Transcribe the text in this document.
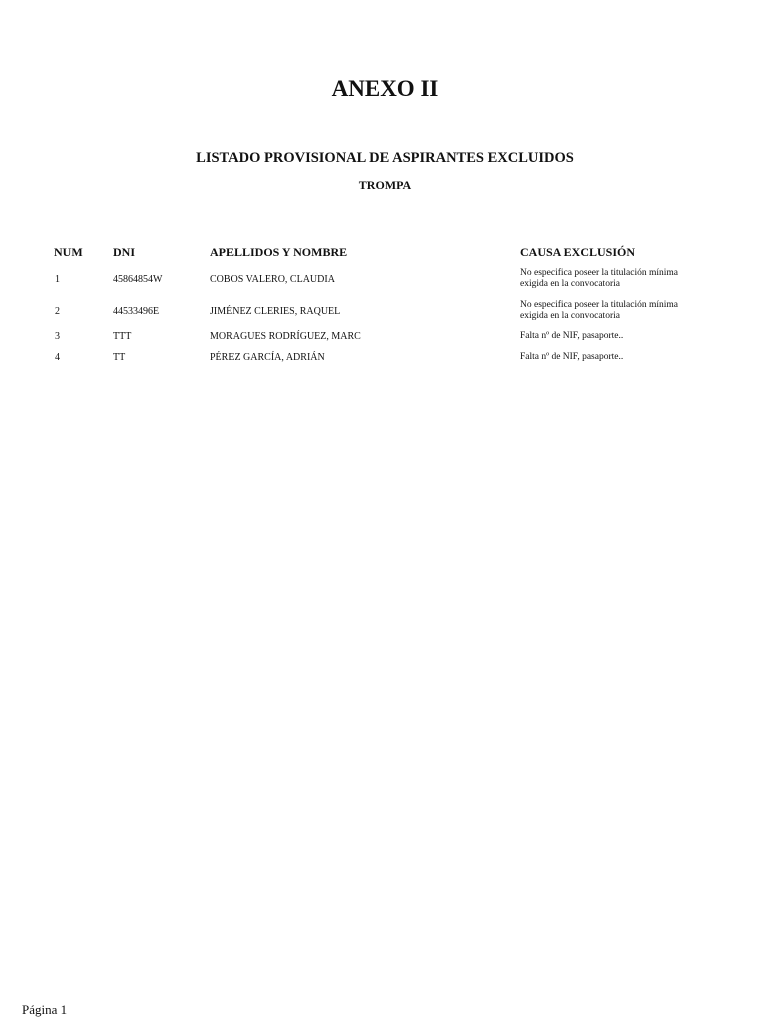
ANEXO II
LISTADO PROVISIONAL DE ASPIRANTES EXCLUIDOS
TROMPA
NUM	DNI	APELLIDOS Y NOMBRE	CAUSA EXCLUSIÓN
1	45864854W	COBOS VALERO, CLAUDIA
No especifica poseer la titulación mínima
exigida en la convocatoria
2	44533496E	JIMÉNEZ CLERIES, RAQUEL
No especifica poseer la titulación mínima
exigida en la convocatoria
3	TTT	MORAGUES RODRÍGUEZ, MARC	Falta nº de NIF, pasaporte..
4	TT	PÉREZ GARCÍA, ADRIÁN	Falta nº de NIF, pasaporte..
Página 1
